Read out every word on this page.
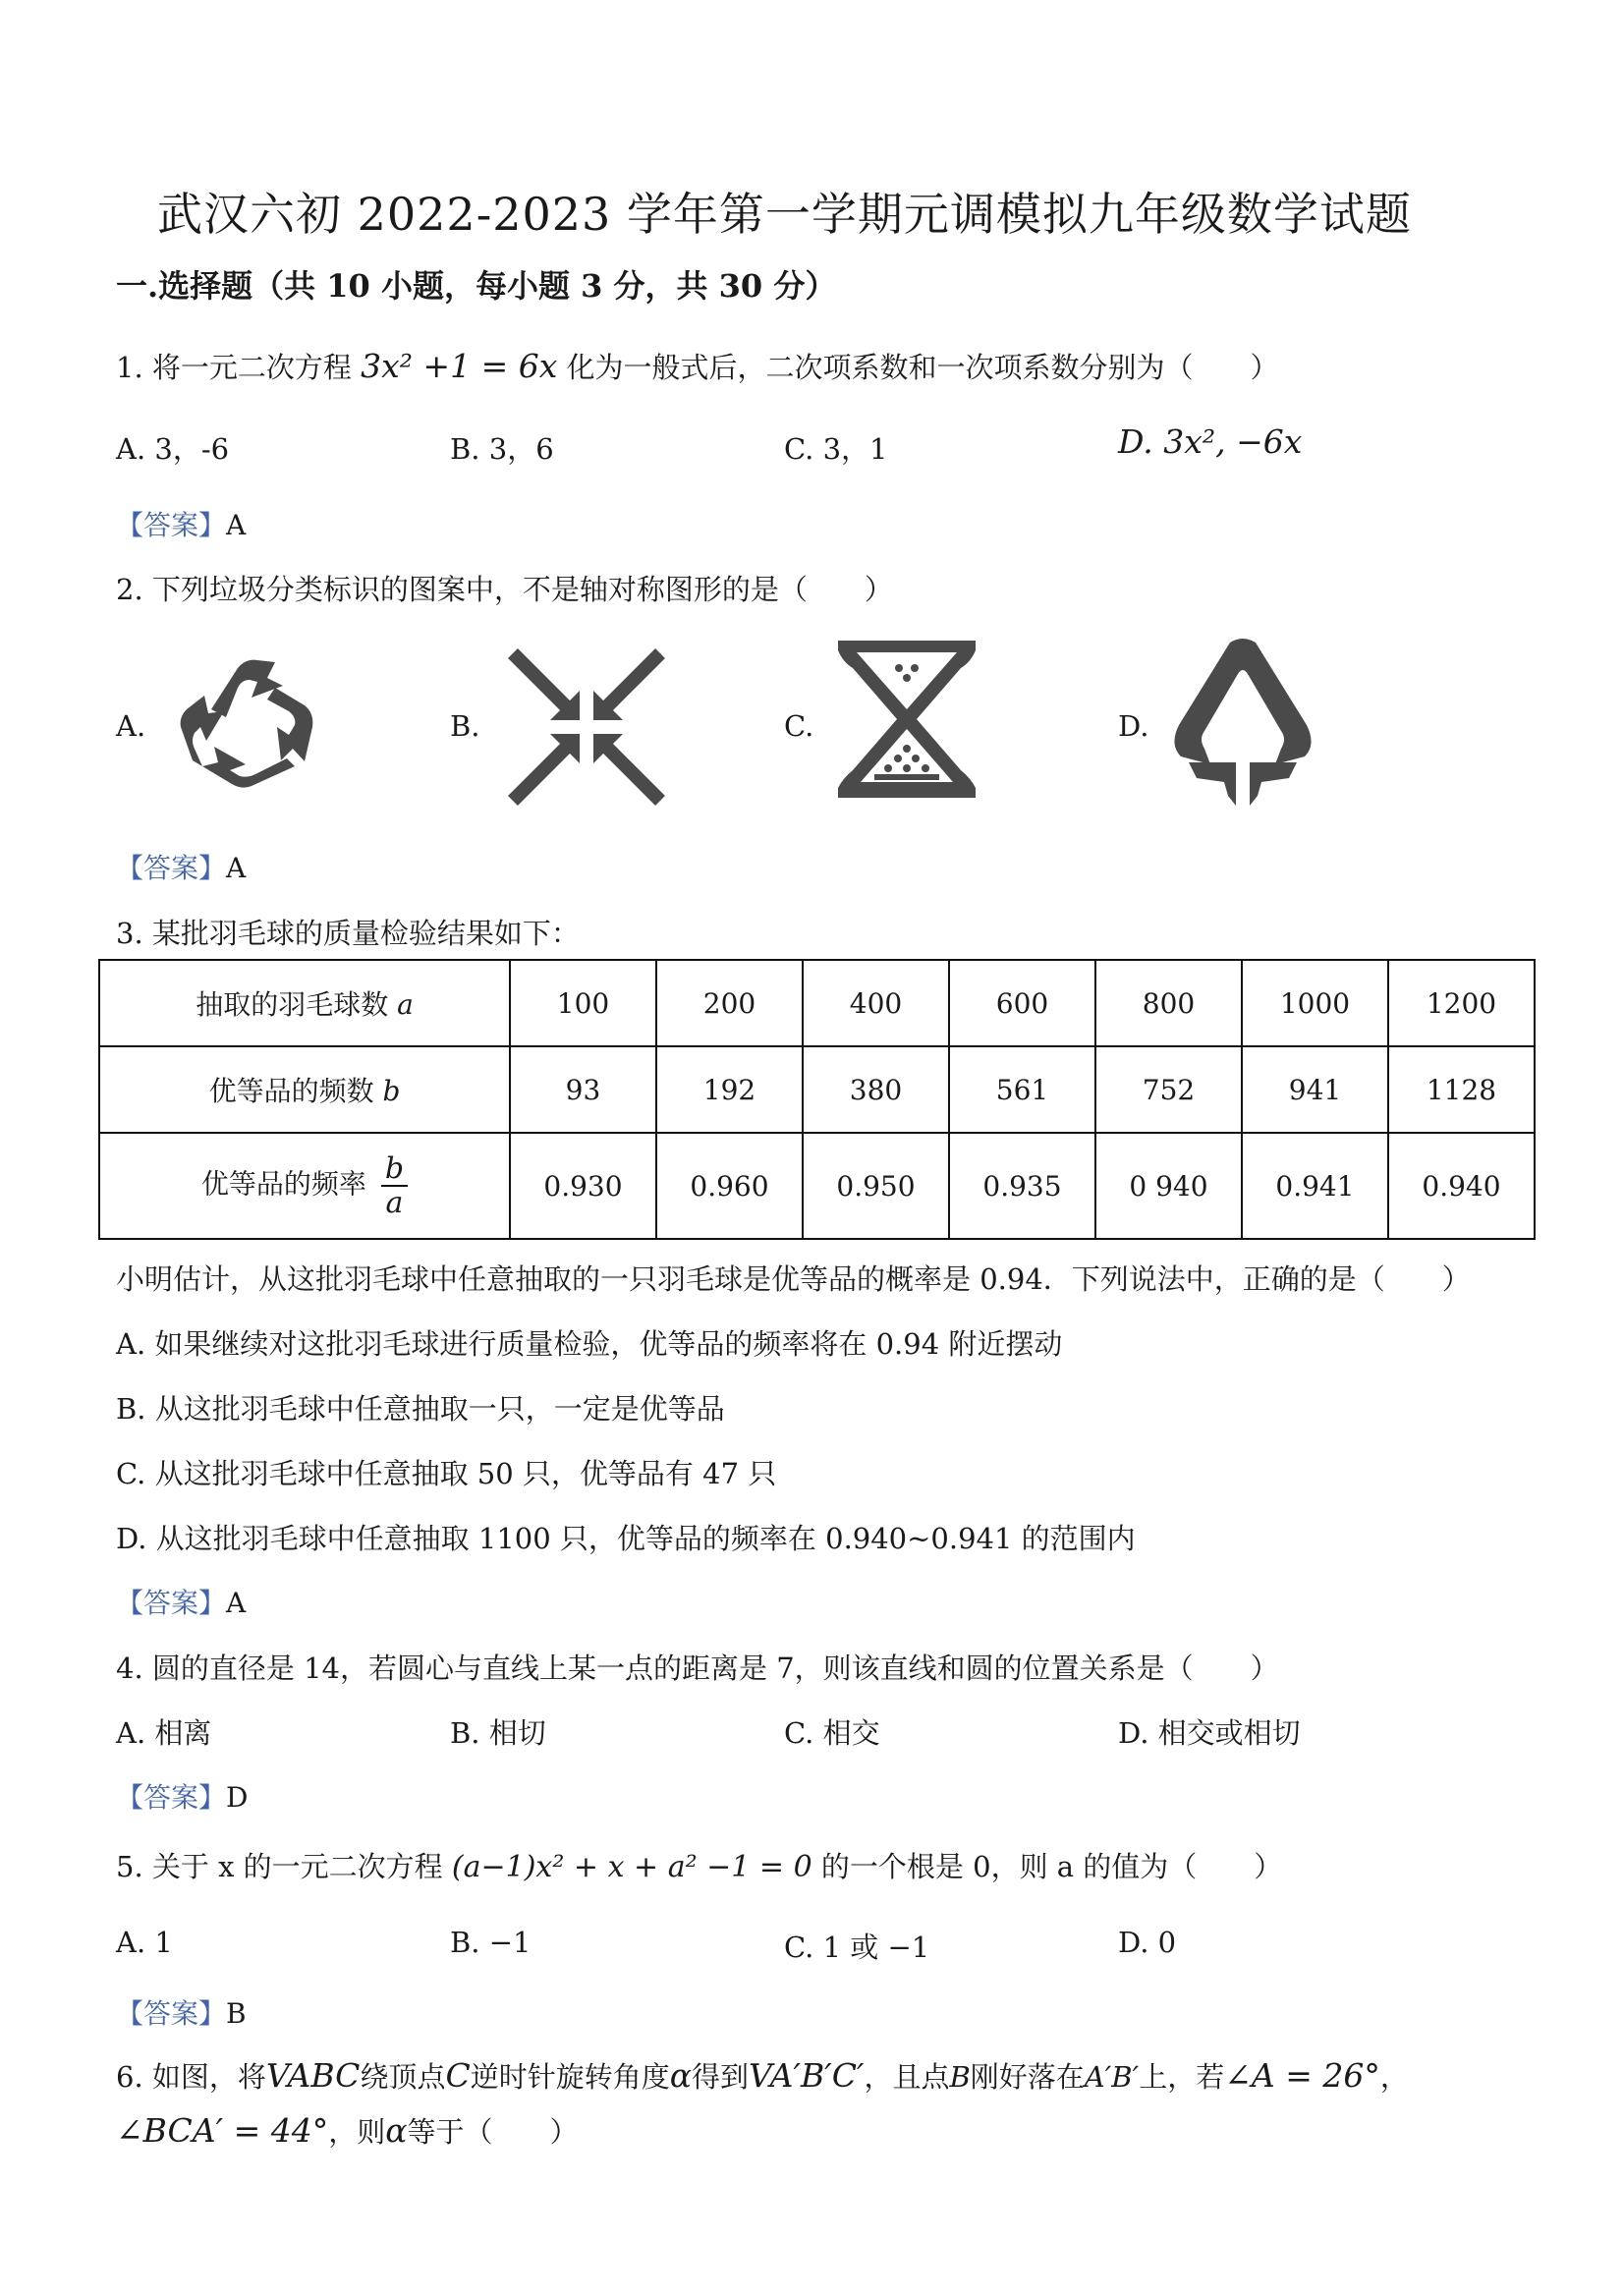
武汉六初 2022-2023 学年第一学期元调模拟九年级数学试题
一.选择题（共 10 小题，每小题 3 分，共 30 分）
1. 将一元二次方程 3x² +1 = 6x 化为一般式后，二次项系数和一次项系数分别为（　　）
A. 3，-6	B. 3，6	C. 3，1	D. 3x², −6x
【答案】A
2. 下列垃圾分类标识的图案中，不是轴对称图形的是（　　）
A.	B.	C.	D.
【答案】A
3. 某批羽毛球的质量检验结果如下：
抽取的羽毛球数 a	100	200	400	600	800	1000	1200
优等品的频数 b	93	192	380	561	752	941	1128
优等品的频率 $\frac{b}{a}$	0.930	0.960	0.950	0.935	0 940	0.941	0.940
小明估计，从这批羽毛球中任意抽取的一只羽毛球是优等品的概率是 0.94．下列说法中，正确的是（　　）
A. 如果继续对这批羽毛球进行质量检验，优等品的频率将在 0.94 附近摆动
B. 从这批羽毛球中任意抽取一只，一定是优等品
C. 从这批羽毛球中任意抽取 50 只，优等品有 47 只
D. 从这批羽毛球中任意抽取 1100 只，优等品的频率在 0.940~0.941 的范围内
【答案】A
4. 圆的直径是 14，若圆心与直线上某一点的距离是 7，则该直线和圆的位置关系是（　　）
A. 相离	B. 相切	C. 相交	D. 相交或相切
【答案】D
5. 关于 x 的一元二次方程 (a−1)x² + x + a² −1 = 0 的一个根是 0，则 a 的值为（　　）
A. 1	B. −1	C. 1 或 −1	D. 0
【答案】B
6. 如图，将VABC绕顶点C逆时针旋转角度α得到VA′B′C′，且点B刚好落在A′B′上，若∠A = 26°，
∠BCA′ = 44°，则α等于（　　）
